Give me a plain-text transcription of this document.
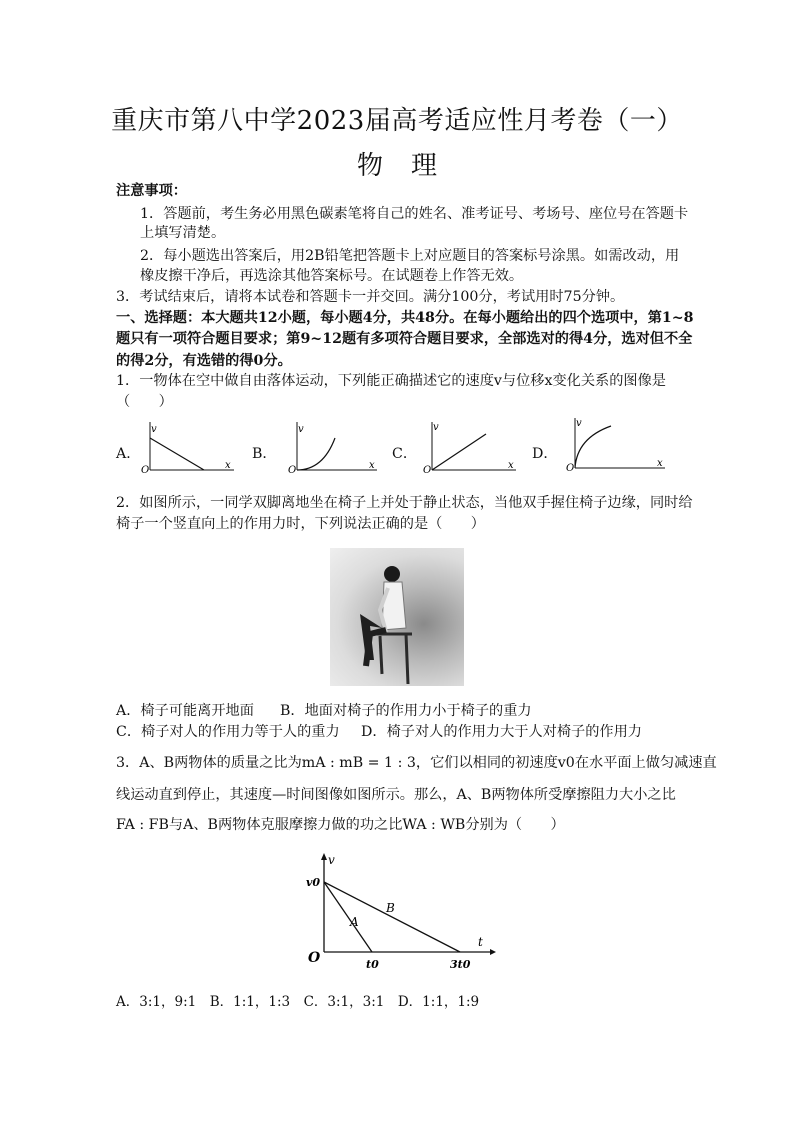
重庆市第八中学2023届高考适应性月考卷（一）
物理
注意事项：
1．答题前，考生务必用黑色碳素笔将自己的姓名、准考证号、考场号、座位号在答题卡
上填写清楚。
2．每小题选出答案后，用2B铅笔把答题卡上对应题目的答案标号涂黑。如需改动，用
橡皮擦干净后，再选涂其他答案标号。在试题卷上作答无效。
3．考试结束后，请将本试卷和答题卡一并交回。满分100分，考试用时75分钟。
一、选择题：本大题共12小题，每小题4分，共48分。在每小题给出的四个选项中，第1~8
题只有一项符合题目要求；第9~12题有多项符合题目要求，全部选对的得4分，选对但不全
的得2分，有选错的得0分。
1．一物体在空中做自由落体运动，下列能正确描述它的速度v与位移x变化关系的图像是
（　　）
A．
v
O	x
B．
v
O	x
C．
v
O	x
D．
v
O	x
2．如图所示，一同学双脚离地坐在椅子上并处于静止状态，当他双手握住椅子边缘，同时给
椅子一个竖直向上的作用力时，下列说法正确的是（　　）
A．椅子可能离开地面 B．地面对椅子的作用力小于椅子的重力
C．椅子对人的作用力等于人的重力 D．椅子对人的作用力大于人对椅子的作用力
3．A、B两物体的质量之比为mA : mB = 1 : 3，它们以相同的初速度v0在水平面上做匀减速直
线运动直到停止，其速度—时间图像如图所示。那么，A、B两物体所受摩擦阻力大小之比
FA : FB与A、B两物体克服摩擦力做的功之比WA : WB分别为（　　）
v
v0
O	t0	3t0
t
A
B
A．3:1，9:1　B．1:1，1:3　C．3:1，3:1　D．1:1，1:9
